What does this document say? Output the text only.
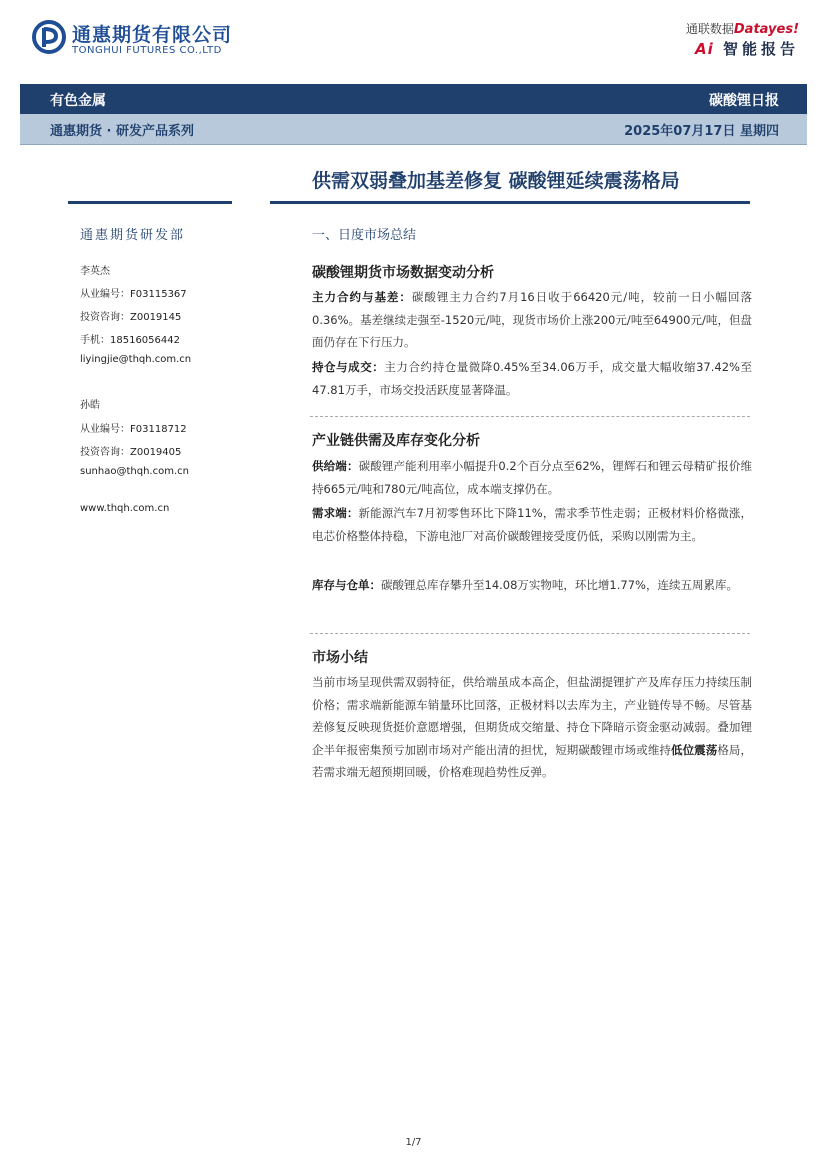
通惠期货有限公司
TONGHUI FUTURES CO.,LTD
通联数据Datayes!
Ai 智能报告
有色金属	碳酸锂日报
通惠期货 · 研发产品系列	2025年07月17日 星期四
供需双弱叠加基差修复 碳酸锂延续震荡格局
通惠期货研发部
李英杰
从业编号：F03115367
投资咨询：Z0019145
手机：18516056442
liyingjie@thqh.com.cn
孙皓
从业编号：F03118712
投资咨询：Z0019405
sunhao@thqh.com.cn
www.thqh.com.cn
一、日度市场总结
碳酸锂期货市场数据变动分析
主力合约与基差：碳酸锂主力合约7月16日收于66420元/吨，较前一日小幅回落0.36%。基差继续走强至-1520元/吨，现货市场价上涨200元/吨至64900元/吨，但盘面仍存在下行压力。
持仓与成交：主力合约持仓量微降0.45%至34.06万手，成交量大幅收缩37.42%至47.81万手，市场交投活跃度显著降温。
产业链供需及库存变化分析
供给端：碳酸锂产能利用率小幅提升0.2个百分点至62%，锂辉石和锂云母精矿报价维持665元/吨和780元/吨高位，成本端支撑仍在。
需求端：新能源汽车7月初零售环比下降11%，需求季节性走弱；正极材料价格微涨，电芯价格整体持稳，下游电池厂对高价碳酸锂接受度仍低，采购以刚需为主。
库存与仓单：碳酸锂总库存攀升至14.08万实物吨，环比增1.77%，连续五周累库。
市场小结
当前市场呈现供需双弱特征，供给端虽成本高企，但盐湖提锂扩产及库存压力持续压制价格；需求端新能源车销量环比回落，正极材料以去库为主，产业链传导不畅。尽管基差修复反映现货挺价意愿增强，但期货成交缩量、持仓下降暗示资金驱动减弱。叠加锂企半年报密集预亏加剧市场对产能出清的担忧，短期碳酸锂市场或维持低位震荡格局，若需求端无超预期回暖，价格难现趋势性反弹。
1/7
